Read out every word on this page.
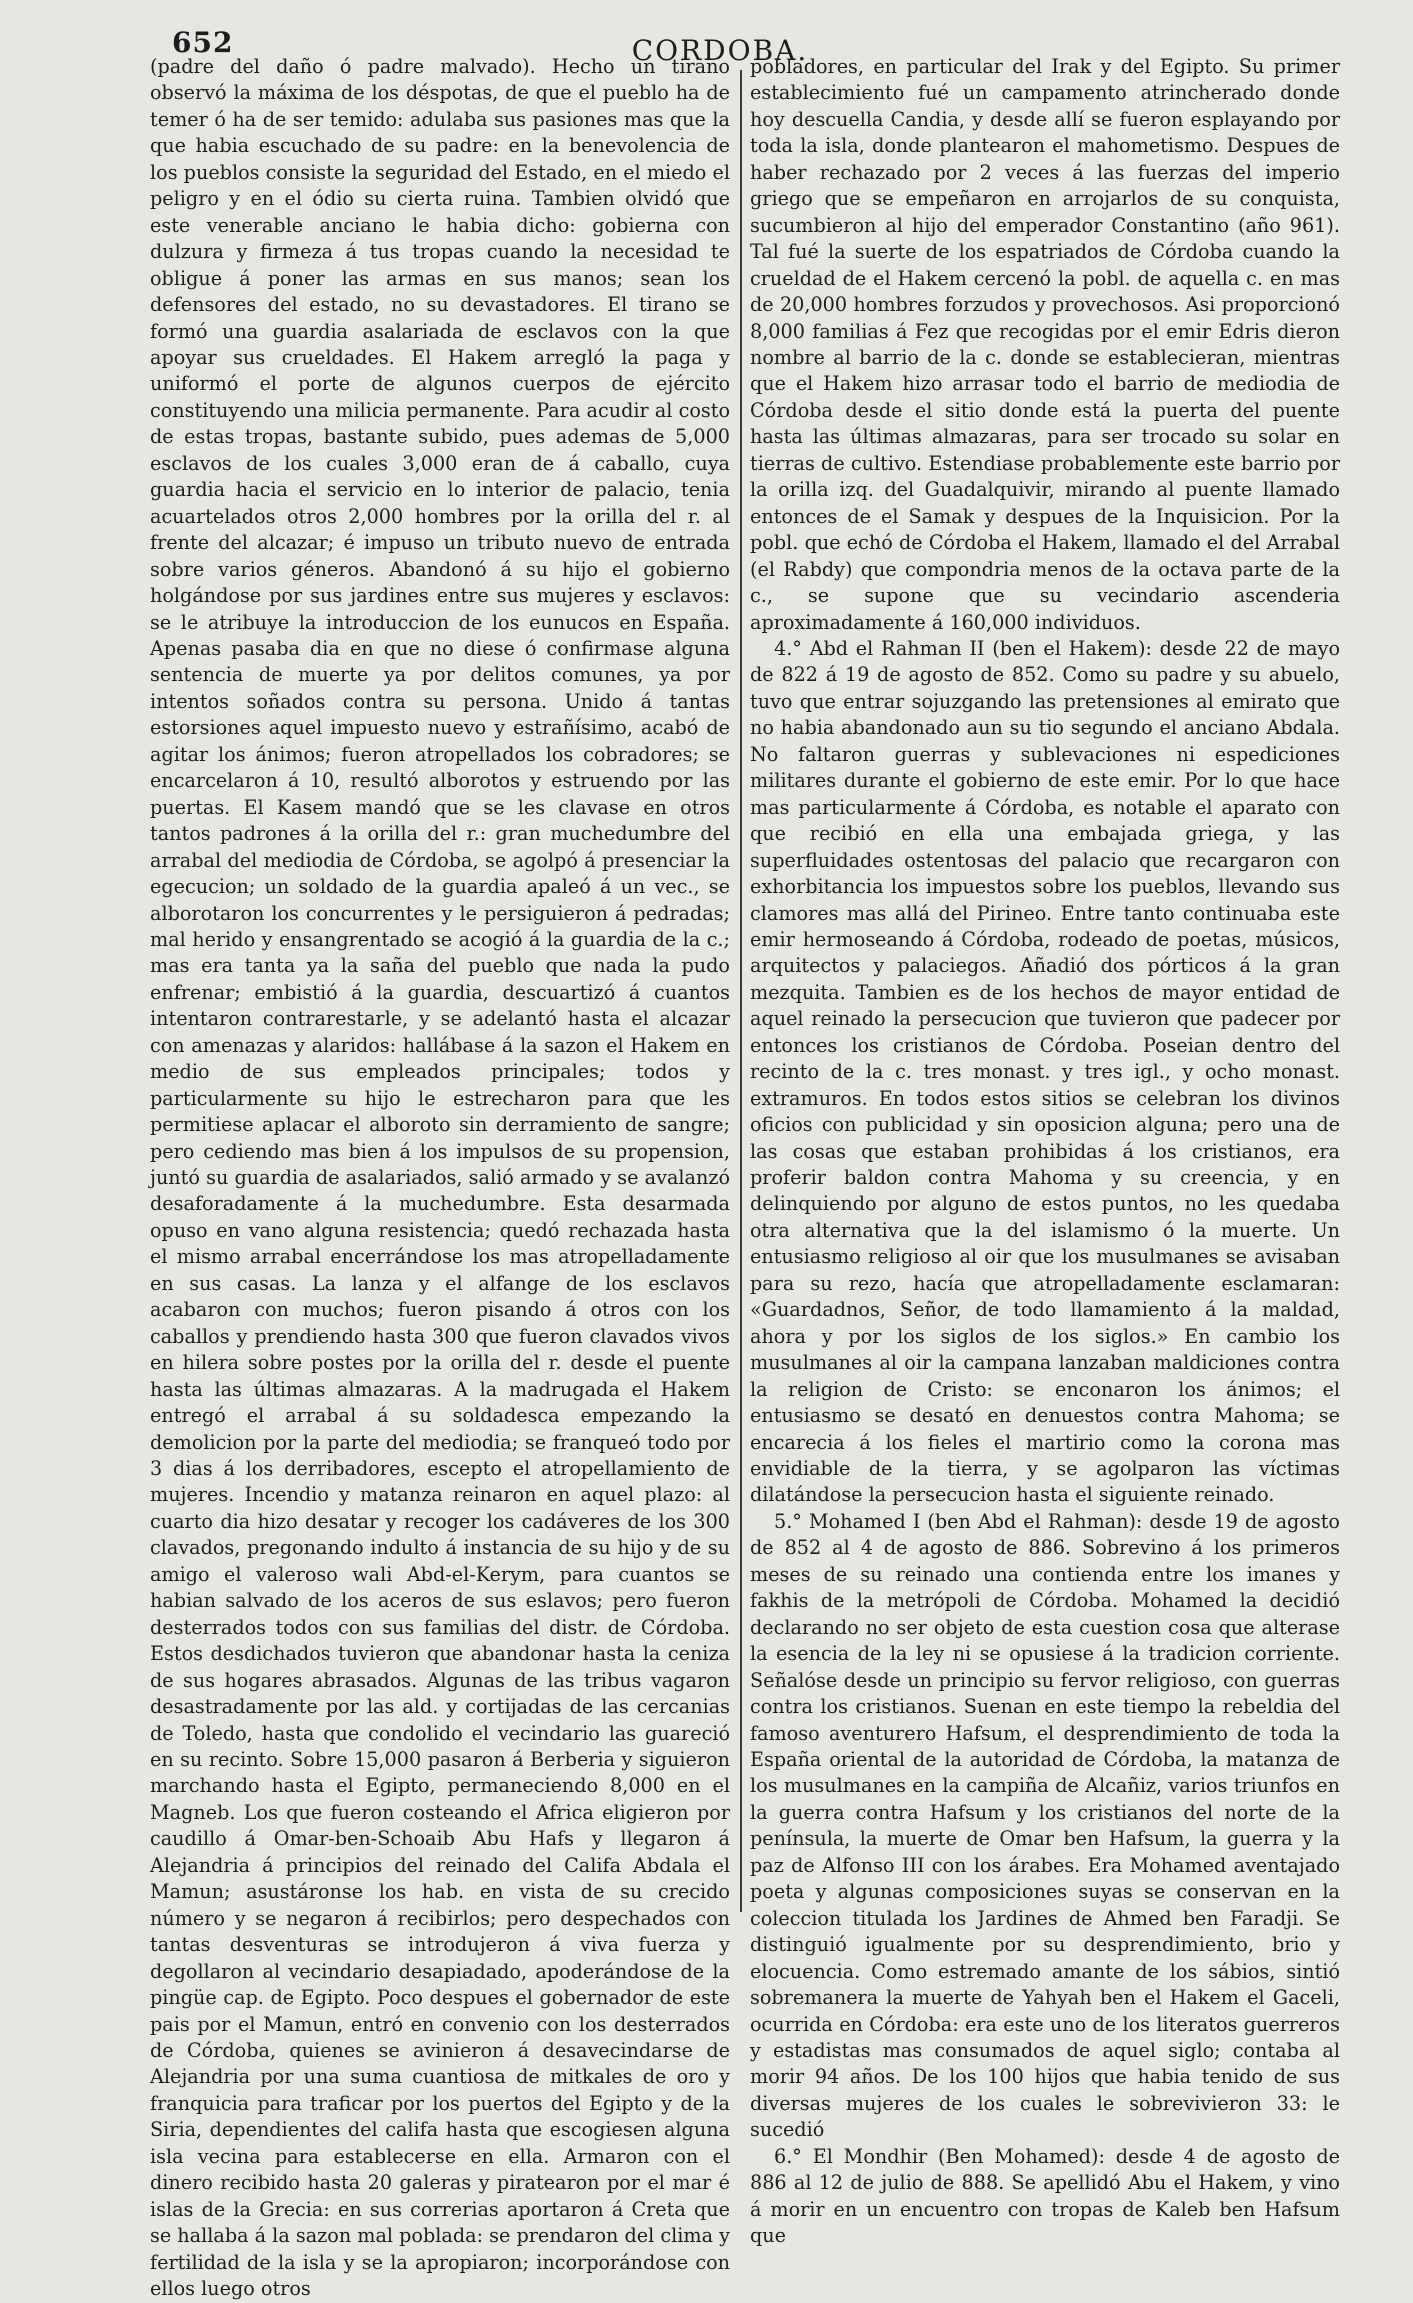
652	CORDOBA.

(padre del daño ó padre malvado). Hecho un tirano observó la máxima de los déspotas, de que el pueblo ha de temer ó ha de ser temido: adulaba sus pasiones mas que la que habia escuchado de su padre: en la benevolencia de los pueblos consiste la seguridad del Estado, en el miedo el peligro y en el ódio su cierta ruina. Tambien olvidó que este venerable anciano le habia dicho: gobierna con dulzura y firmeza á tus tropas cuando la necesidad te obligue á poner las armas en sus manos; sean los defensores del estado, no su devastadores. El tirano se formó una guardia asalariada de esclavos con la que apoyar sus crueldades. El Hakem arregló la paga y uniformó el porte de algunos cuerpos de ejército constituyendo una milicia permanente. Para acudir al costo de estas tropas, bastante subido, pues ademas de 5,000 esclavos de los cuales 3,000 eran de á caballo, cuya guardia hacia el servicio en lo interior de palacio, tenia acuartelados otros 2,000 hombres por la orilla del r. al frente del alcazar; é impuso un tributo nuevo de entrada sobre varios géneros. Abandonó á su hijo el gobierno holgándose por sus jardines entre sus mujeres y esclavos: se le atribuye la introduccion de los eunucos en España. Apenas pasaba dia en que no diese ó confirmase alguna sentencia de muerte ya por delitos comunes, ya por intentos soñados contra su persona. Unido á tantas estorsiones aquel impuesto nuevo y estrañísimo, acabó de agitar los ánimos; fueron atropellados los cobradores; se encarcelaron á 10, resultó alborotos y estruendo por las puertas. El Kasem mandó que se les clavase en otros tantos padrones á la orilla del r.: gran muchedumbre del arrabal del mediodia de Córdoba, se agolpó á presenciar la egecucion; un soldado de la guardia apaleó á un vec., se alborotaron los concurrentes y le persiguieron á pedradas; mal herido y ensangrentado se acogió á la guardia de la c.; mas era tanta ya la saña del pueblo que nada la pudo enfrenar; embistió á la guardia, descuartizó á cuantos intentaron contrarestarle, y se adelantó hasta el alcazar con amenazas y alaridos: hallábase á la sazon el Hakem en medio de sus empleados principales; todos y particularmente su hijo le estrecharon para que les permitiese aplacar el alboroto sin derramiento de sangre; pero cediendo mas bien á los impulsos de su propension, juntó su guardia de asalariados, salió armado y se avalanzó desaforadamente á la muchedumbre. Esta desarmada opuso en vano alguna resistencia; quedó rechazada hasta el mismo arrabal encerrándose los mas atropelladamente en sus casas. La lanza y el alfange de los esclavos acabaron con muchos; fueron pisando á otros con los caballos y prendiendo hasta 300 que fueron clavados vivos en hilera sobre postes por la orilla del r. desde el puente hasta las últimas almazaras. A la madrugada el Hakem entregó el arrabal á su soldadesca empezando la demolicion por la parte del mediodia; se franqueó todo por 3 dias á los derribadores, escepto el atropellamiento de mujeres. Incendio y matanza reinaron en aquel plazo: al cuarto dia hizo desatar y recoger los cadáveres de los 300 clavados, pregonando indulto á instancia de su hijo y de su amigo el valeroso wali Abd-el-Kerym, para cuantos se habian salvado de los aceros de sus eslavos; pero fueron desterrados todos con sus familias del distr. de Córdoba. Estos desdichados tuvieron que abandonar hasta la ceniza de sus hogares abrasados. Algunas de las tribus vagaron desastradamente por las ald. y cortijadas de las cercanias de Toledo, hasta que condolido el vecindario las guareció en su recinto. Sobre 15,000 pasaron á Berberia y siguieron marchando hasta el Egipto, permaneciendo 8,000 en el Magneb. Los que fueron costeando el Africa eligieron por caudillo á Omar-ben-Schoaib Abu Hafs y llegaron á Alejandria á principios del reinado del Califa Abdala el Mamun; asustáronse los hab. en vista de su crecido número y se negaron á recibirlos; pero despechados con tantas desventuras se introdujeron á viva fuerza y degollaron al vecindario desapiadado, apoderándose de la pingüe cap. de Egipto. Poco despues el gobernador de este pais por el Mamun, entró en convenio con los desterrados de Córdoba, quienes se avinieron á desavecindarse de Alejandria por una suma cuantiosa de mitkales de oro y franquicia para traficar por los puertos del Egipto y de la Siria, dependientes del califa hasta que escogiesen alguna isla vecina para establecerse en ella. Armaron con el dinero recibido hasta 20 galeras y piratearon por el mar é islas de la Grecia: en sus correrias aportaron á Creta que se hallaba á la sazon mal poblada: se prendaron del clima y fertilidad de la isla y se la apropiaron; incorporándose con ellos luego otros

pobladores, en particular del Irak y del Egipto. Su primer establecimiento fué un campamento atrincherado donde hoy descuella Candia, y desde allí se fueron esplayando por toda la isla, donde plantearon el mahometismo. Despues de haber rechazado por 2 veces á las fuerzas del imperio griego que se empeñaron en arrojarlos de su conquista, sucumbieron al hijo del emperador Constantino (año 961). Tal fué la suerte de los espatriados de Córdoba cuando la crueldad de el Hakem cercenó la pobl. de aquella c. en mas de 20,000 hombres forzudos y provechosos. Asi proporcionó 8,000 familias á Fez que recogidas por el emir Edris dieron nombre al barrio de la c. donde se establecieran, mientras que el Hakem hizo arrasar todo el barrio de mediodia de Córdoba desde el sitio donde está la puerta del puente hasta las últimas almazaras, para ser trocado su solar en tierras de cultivo. Estendiase probablemente este barrio por la orilla izq. del Guadalquivir, mirando al puente llamado entonces de el Samak y despues de la Inquisicion. Por la pobl. que echó de Córdoba el Hakem, llamado el del Arrabal (el Rabdy) que compondria menos de la octava parte de la c., se supone que su vecindario ascenderia aproximadamente á 160,000 individuos.

4.° Abd el Rahman II (ben el Hakem): desde 22 de mayo de 822 á 19 de agosto de 852. Como su padre y su abuelo, tuvo que entrar sojuzgando las pretensiones al emirato que no habia abandonado aun su tio segundo el anciano Abdala. No faltaron guerras y sublevaciones ni espediciones militares durante el gobierno de este emir. Por lo que hace mas particularmente á Córdoba, es notable el aparato con que recibió en ella una embajada griega, y las superfluidades ostentosas del palacio que recargaron con exhorbitancia los impuestos sobre los pueblos, llevando sus clamores mas allá del Pirineo. Entre tanto continuaba este emir hermoseando á Córdoba, rodeado de poetas, músicos, arquitectos y palaciegos. Añadió dos pórticos á la gran mezquita. Tambien es de los hechos de mayor entidad de aquel reinado la persecucion que tuvieron que padecer por entonces los cristianos de Córdoba. Poseian dentro del recinto de la c. tres monast. y tres igl., y ocho monast. extramuros. En todos estos sitios se celebran los divinos oficios con publicidad y sin oposicion alguna; pero una de las cosas que estaban prohibidas á los cristianos, era proferir baldon contra Mahoma y su creencia, y en delinquiendo por alguno de estos puntos, no les quedaba otra alternativa que la del islamismo ó la muerte. Un entusiasmo religioso al oir que los musulmanes se avisaban para su rezo, hacía que atropelladamente esclamaran: «Guardadnos, Señor, de todo llamamiento á la maldad, ahora y por los siglos de los siglos.» En cambio los musulmanes al oir la campana lanzaban maldiciones contra la religion de Cristo: se enconaron los ánimos; el entusiasmo se desató en denuestos contra Mahoma; se encarecia á los fieles el martirio como la corona mas envidiable de la tierra, y se agolparon las víctimas dilatándose la persecucion hasta el siguiente reinado.

5.° Mohamed I (ben Abd el Rahman): desde 19 de agosto de 852 al 4 de agosto de 886. Sobrevino á los primeros meses de su reinado una contienda entre los imanes y fakhis de la metrópoli de Córdoba. Mohamed la decidió declarando no ser objeto de esta cuestion cosa que alterase la esencia de la ley ni se opusiese á la tradicion corriente. Señalóse desde un principio su fervor religioso, con guerras contra los cristianos. Suenan en este tiempo la rebeldia del famoso aventurero Hafsum, el desprendimiento de toda la España oriental de la autoridad de Córdoba, la matanza de los musulmanes en la campiña de Alcañiz, varios triunfos en la guerra contra Hafsum y los cristianos del norte de la península, la muerte de Omar ben Hafsum, la guerra y la paz de Alfonso III con los árabes. Era Mohamed aventajado poeta y algunas composiciones suyas se conservan en la coleccion titulada los Jardines de Ahmed ben Faradji. Se distinguió igualmente por su desprendimiento, brio y elocuencia. Como estremado amante de los sábios, sintió sobremanera la muerte de Yahyah ben el Hakem el Gaceli, ocurrida en Córdoba: era este uno de los literatos guerreros y estadistas mas consumados de aquel siglo; contaba al morir 94 años. De los 100 hijos que habia tenido de sus diversas mujeres de los cuales le sobrevivieron 33: le sucedió

6.° El Mondhir (Ben Mohamed): desde 4 de agosto de 886 al 12 de julio de 888. Se apellidó Abu el Hakem, y vino á morir en un encuentro con tropas de Kaleb ben Hafsum que
